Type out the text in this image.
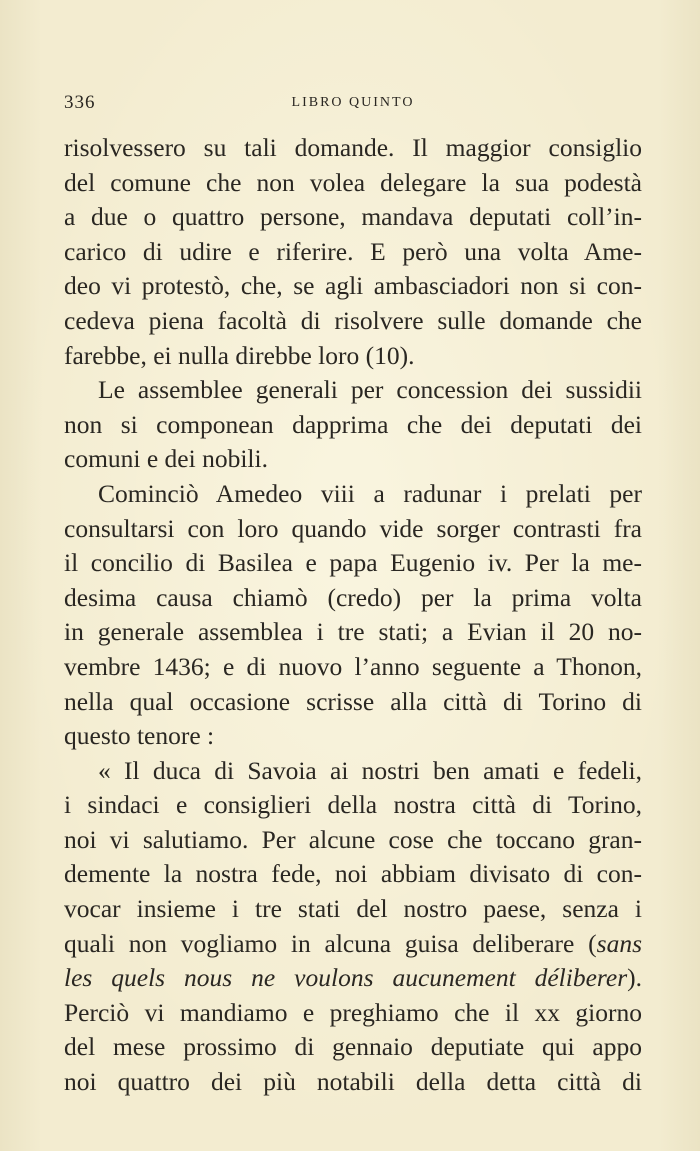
336	LIBRO QUINTO
risolvessero su tali domande. Il maggior consiglio
del comune che non volea delegare la sua podestà
a due o quattro persone, mandava deputati coll’in-
carico di udire e riferire. E però una volta Ame-
deo vi protestò, che, se agli ambasciadori non si con-
cedeva piena facoltà di risolvere sulle domande che
farebbe, ei nulla direbbe loro (10).
Le assemblee generali per concession dei sussidii
non si componean dapprima che dei deputati dei
comuni e dei nobili.
Cominciò Amedeo viii a radunar i prelati per
consultarsi con loro quando vide sorger contrasti fra
il concilio di Basilea e papa Eugenio iv. Per la me-
desima causa chiamò (credo) per la prima volta
in generale assemblea i tre stati; a Evian il 20 no-
vembre 1436; e di nuovo l’anno seguente a Thonon,
nella qual occasione scrisse alla città di Torino di
questo tenore :
« Il duca di Savoia ai nostri ben amati e fedeli,
i sindaci e consiglieri della nostra città di Torino,
noi vi salutiamo. Per alcune cose che toccano gran-
demente la nostra fede, noi abbiam divisato di con-
vocar insieme i tre stati del nostro paese, senza i
quali non vogliamo in alcuna guisa deliberare (sans
les quels nous ne voulons aucunement déliberer).
Perciò vi mandiamo e preghiamo che il xx giorno
del mese prossimo di gennaio deputiate qui appo
noi quattro dei più notabili della detta città di
